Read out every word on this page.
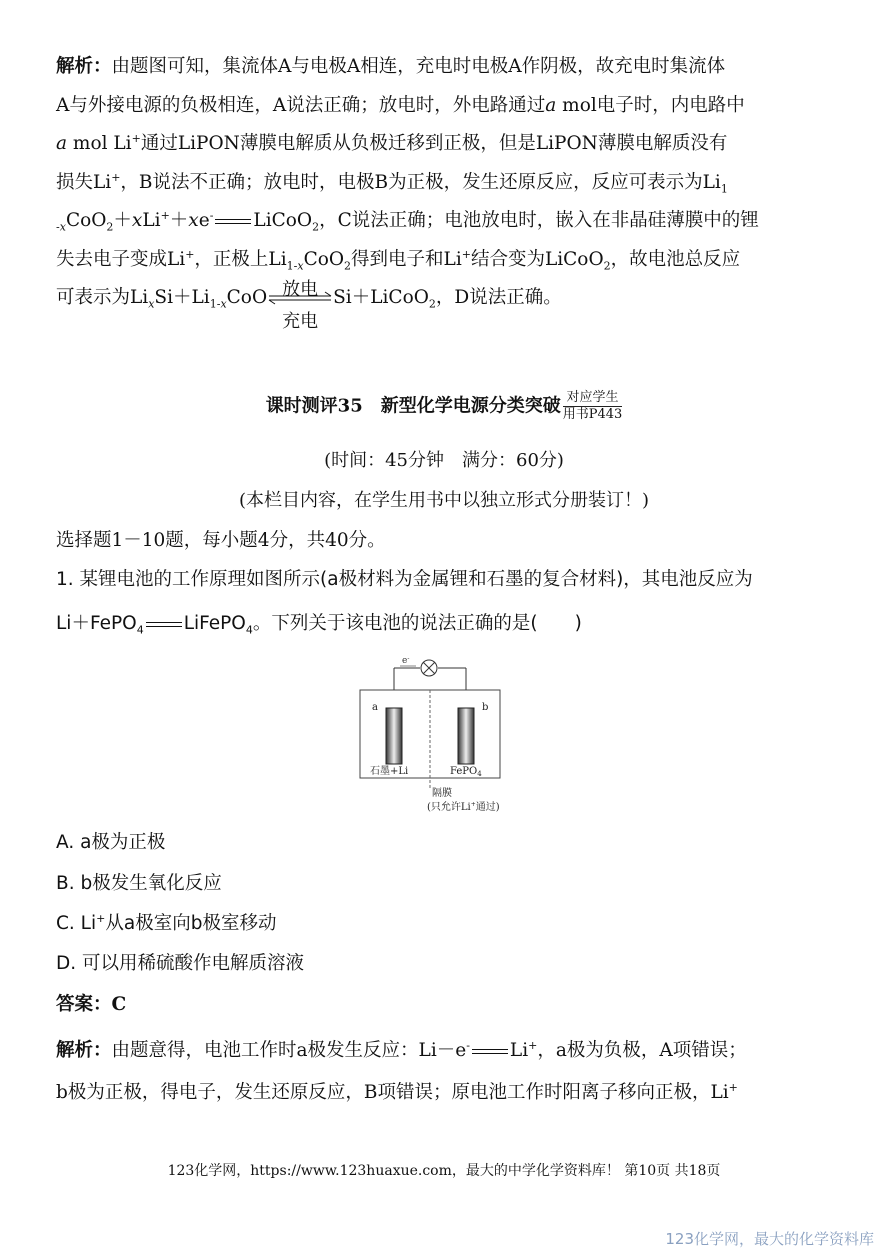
解析：由题图可知，集流体A与电极A相连，充电时电极A作阴极，故充电时集流体
A与外接电源的负极相连，A说法正确；放电时，外电路通过a mol电子时，内电路中
a mol Li+通过LiPON薄膜电解质从负极迁移到正极，但是LiPON薄膜电解质没有
损失Li+，B说法不正确；放电时，电极B为正极，发生还原反应，反应可表示为$Li_1$
$_{-x}$CoO$_2$＋xLi+＋xe- LiCoO$_2$，C说法正确；电池放电时，嵌入在非晶硅薄膜中的锂
失去电子变成Li+，正极上$Li_{1-x}CoO_2$得到电子和Li+结合变为LiCoO$_2$，故电池总反应
可表示为$Li_xSi+Li_{1-x}CoO$ 放电
充电
Si＋LiCoO$_2$，D说法正确。
课时测评35　新型化学电源分类突破 $\frac{\text{对应学生}}{\text{用书P443}}$
(时间：45分钟　满分：60分)
(本栏目内容，在学生用书中以独立形式分册装订！)
选择题1－10题，每小题4分，共40分。
1. 某锂电池的工作原理如图所示(a极材料为金属锂和石墨的复合材料)，其电池反应为
Li＋FePO$_4$ LiFePO$_4$。下列关于该电池的说法正确的是(　　)
e-
a	b
石墨+Li	FePO$_4$
隔膜
(只允许Li+通过)
A. a极为正极
B. b极发生氧化反应
C. Li+从a极室向b极室移动
D. 可以用稀硫酸作电解质溶液
答案：C
解析：由题意得，电池工作时a极发生反应：Li－e- Li+，a极为负极，A项错误；
b极为正极，得电子，发生还原反应，B项错误；原电池工作时阳离子移向正极，Li+
123化学网，https://www.123huaxue.com，最大的中学化学资料库！ 第10页 共18页
123化学网，最大的化学资料库
